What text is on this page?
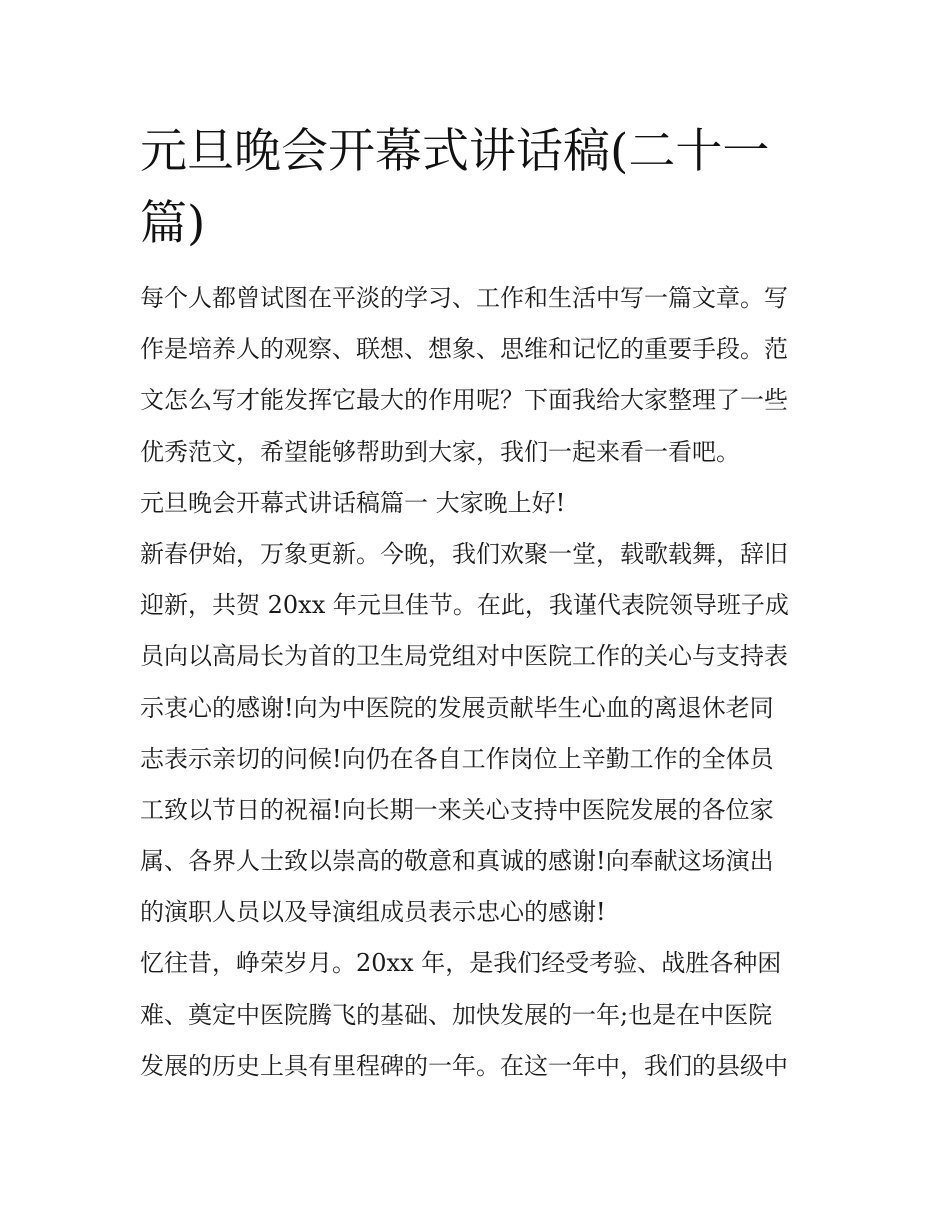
元旦晚会开幕式讲话稿(二十一
篇)
每个人都曾试图在平淡的学习、工作和生活中写一篇文章。写
作是培养人的观察、联想、想象、思维和记忆的重要手段。范
文怎么写才能发挥它最大的作用呢？下面我给大家整理了一些
优秀范文，希望能够帮助到大家，我们一起来看一看吧。
元旦晚会开幕式讲话稿篇一 大家晚上好!
新春伊始，万象更新。今晚，我们欢聚一堂，载歌载舞，辞旧
迎新，共贺 20xx 年元旦佳节。在此，我谨代表院领导班子成
员向以高局长为首的卫生局党组对中医院工作的关心与支持表
示衷心的感谢!向为中医院的发展贡献毕生心血的离退休老同
志表示亲切的问候!向仍在各自工作岗位上辛勤工作的全体员
工致以节日的祝福!向长期一来关心支持中医院发展的各位家
属、各界人士致以崇高的敬意和真诚的感谢!向奉献这场演出
的演职人员以及导演组成员表示忠心的感谢!
忆往昔，峥荣岁月。20xx 年，是我们经受考验、战胜各种困
难、奠定中医院腾飞的基础、加快发展的一年;也是在中医院
发展的历史上具有里程碑的一年。在这一年中，我们的县级中
